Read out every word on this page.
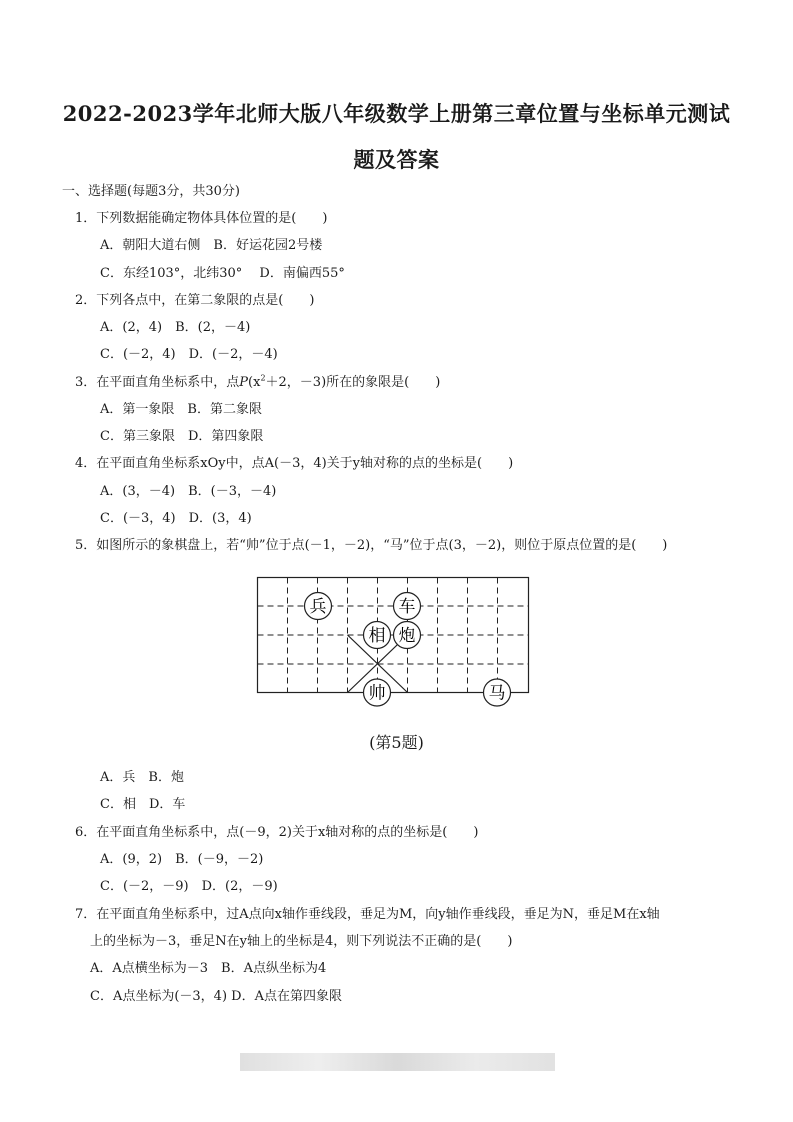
2022-2023学年北师大版八年级数学上册第三章位置与坐标单元测试
题及答案
一、选择题(每题3分，共30分)
1．下列数据能确定物体具体位置的是(　　)
A．朝阳大道右侧　B．好运花园2号楼
C．东经103°，北纬30°　 D．南偏西55°
2．下列各点中，在第二象限的点是(　　)
A．(2，4)　B．(2，－4)
C．(－2，4)　D．(－2，－4)
3．在平面直角坐标系中，点$P(x^2+2$，－3)所在的象限是(　　)
A．第一象限　B．第二象限
C．第三象限　D．第四象限
4．在平面直角坐标系xOy中，点A(－3，4)关于y轴对称的点的坐标是(　　)
A．(3，－4)　B．(－3，－4)
C．(－3，4)　D．(3，4)
5．如图所示的象棋盘上，若“帅”位于点(－1，－2)，“马”位于点(3，－2)，则位于原点位置的是(　　)
兵	车
相 炮
帅	马
(第5题)
A．兵　B．炮
C．相　D．车
6．在平面直角坐标系中，点(－9，2)关于x轴对称的点的坐标是(　　)
A．(9，2)　B．(－9，－2)
C．(－2，－9)　D．(2，－9)
7．在平面直角坐标系中，过A点向x轴作垂线段，垂足为M，向y轴作垂线段，垂足为N，垂足M在x轴
上的坐标为－3，垂足N在y轴上的坐标是4，则下列说法不正确的是(　　)
A．A点横坐标为－3　B．A点纵坐标为4
C．A点坐标为(－3，4) D．A点在第四象限
